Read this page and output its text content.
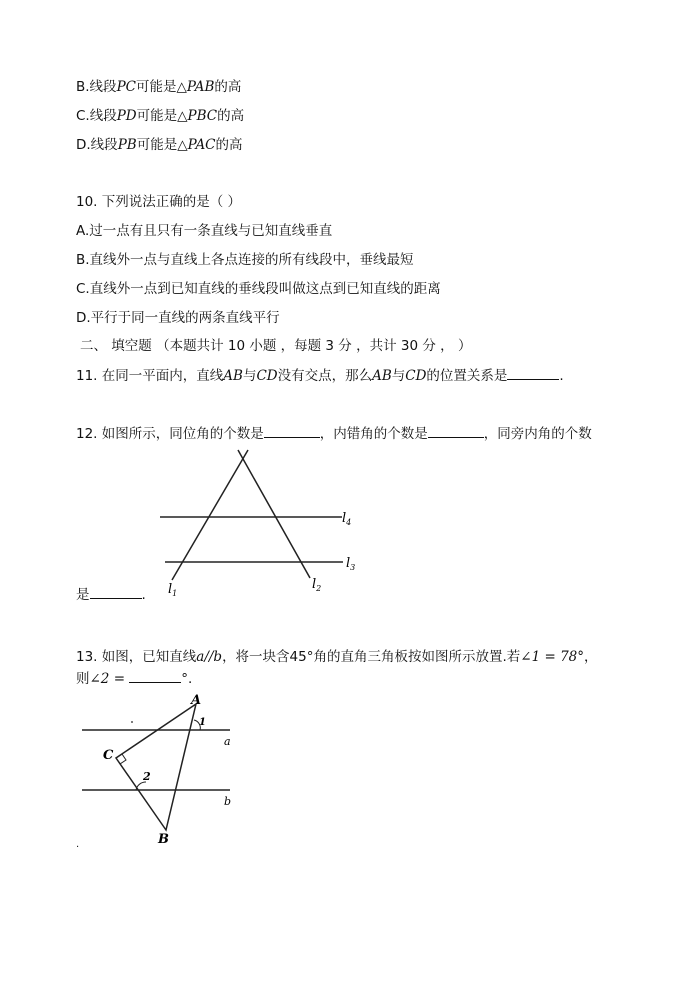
B.线段PC可能是△PAB的高
C.线段PD可能是△PBC的高
D.线段PB可能是△PAC的高
10. 下列说法正确的是（ ）
A.过一点有且只有一条直线与已知直线垂直
B.直线外一点与直线上各点连接的所有线段中，垂线最短
C.直线外一点到已知直线的垂线段叫做这点到已知直线的距离
D.平行于同一直线的两条直线平行
二、 填空题 （本题共计 10 小题 ，每题 3 分 ，共计 30 分 ， ）
11. 在同一平面内，直线AB与CD没有交点，那么AB与CD的位置关系是	.
12. 如图所示，同位角的个数是	，内错角的个数是	，同旁内角的个数
$l_4$
$l_3$
$l_1$
$l_2$
是	.
13. 如图，已知直线a//b，将一块含45°角的直角三角板按如图所示放置.若∠1 = 78°，
则∠2 =	°.
A
C
B
a
b
1
2
.
